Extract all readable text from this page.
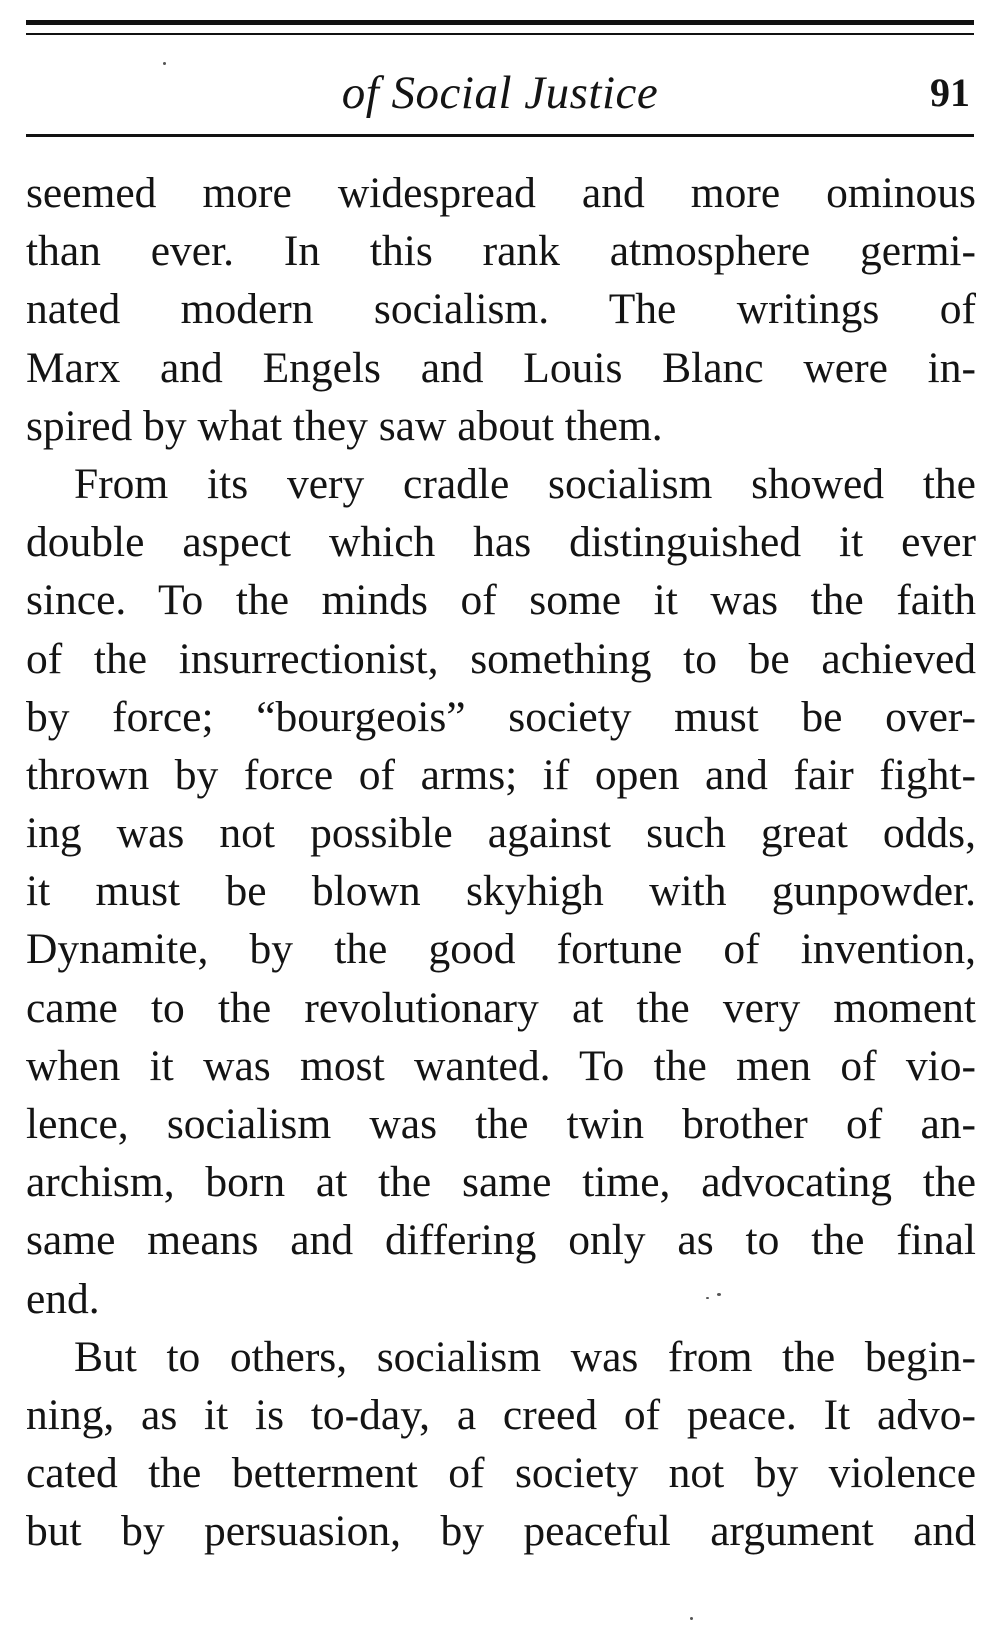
of Social Justice	91
seemed more widespread and more ominous
than ever. In this rank atmosphere germi-
nated modern socialism. The writings of
Marx and Engels and Louis Blanc were in-
spired by what they saw about them.
From its very cradle socialism showed the
double aspect which has distinguished it ever
since. To the minds of some it was the faith
of the insurrectionist, something to be achieved
by force; “bourgeois” society must be over-
thrown by force of arms; if open and fair fight-
ing was not possible against such great odds,
it must be blown skyhigh with gunpowder.
Dynamite, by the good fortune of invention,
came to the revolutionary at the very moment
when it was most wanted. To the men of vio-
lence, socialism was the twin brother of an-
archism, born at the same time, advocating the
same means and differing only as to the final
end.
But to others, socialism was from the begin-
ning, as it is to-day, a creed of peace. It advo-
cated the betterment of society not by violence
but by persuasion, by peaceful argument and
